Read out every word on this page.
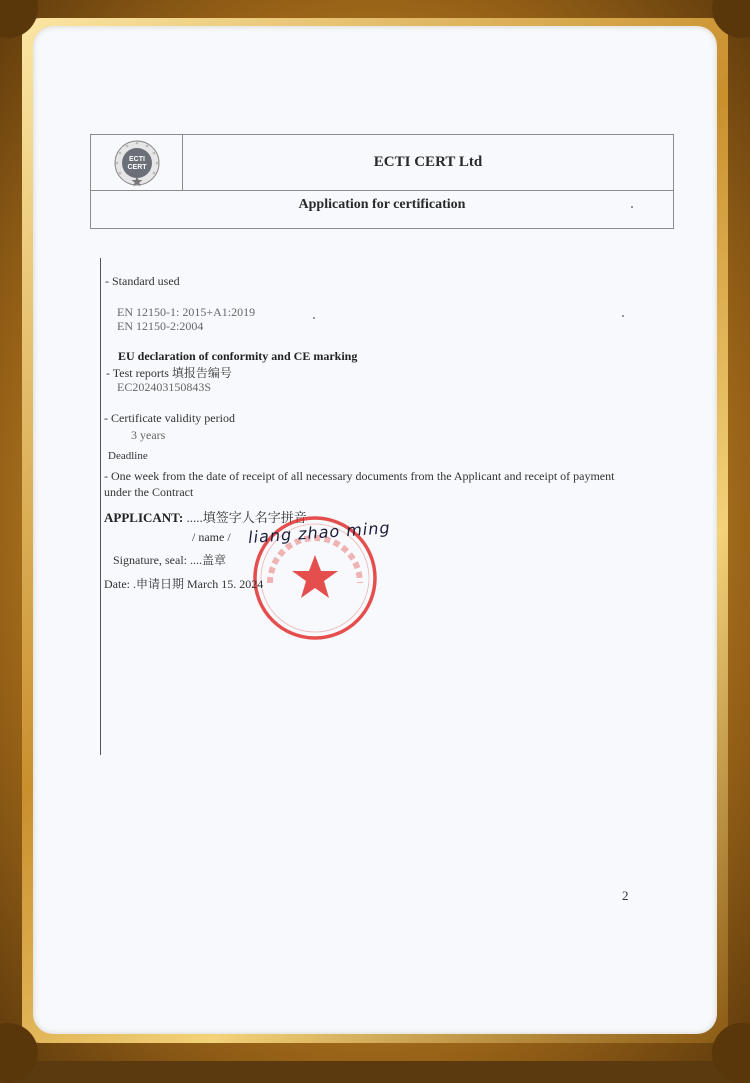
ECTI
CERT	ECTI CERT Ltd
Application for certification
- Standard used
EN 12150-1: 2015+A1:2019
EN 12150-2:2004
EU declaration of conformity and CE marking
- Test reports 填报告编号
EC202403150843S
- Certificate validity period
3 years
Deadline
- One week from the date of receipt of all necessary documents from the Applicant and receipt of payment
under the Contract
APPLICANT: .....填签字人名字拼音
/ name / liang zhao ming
Signature, seal: ....盖章
Date: .申请日期 March 15. 2024
2
